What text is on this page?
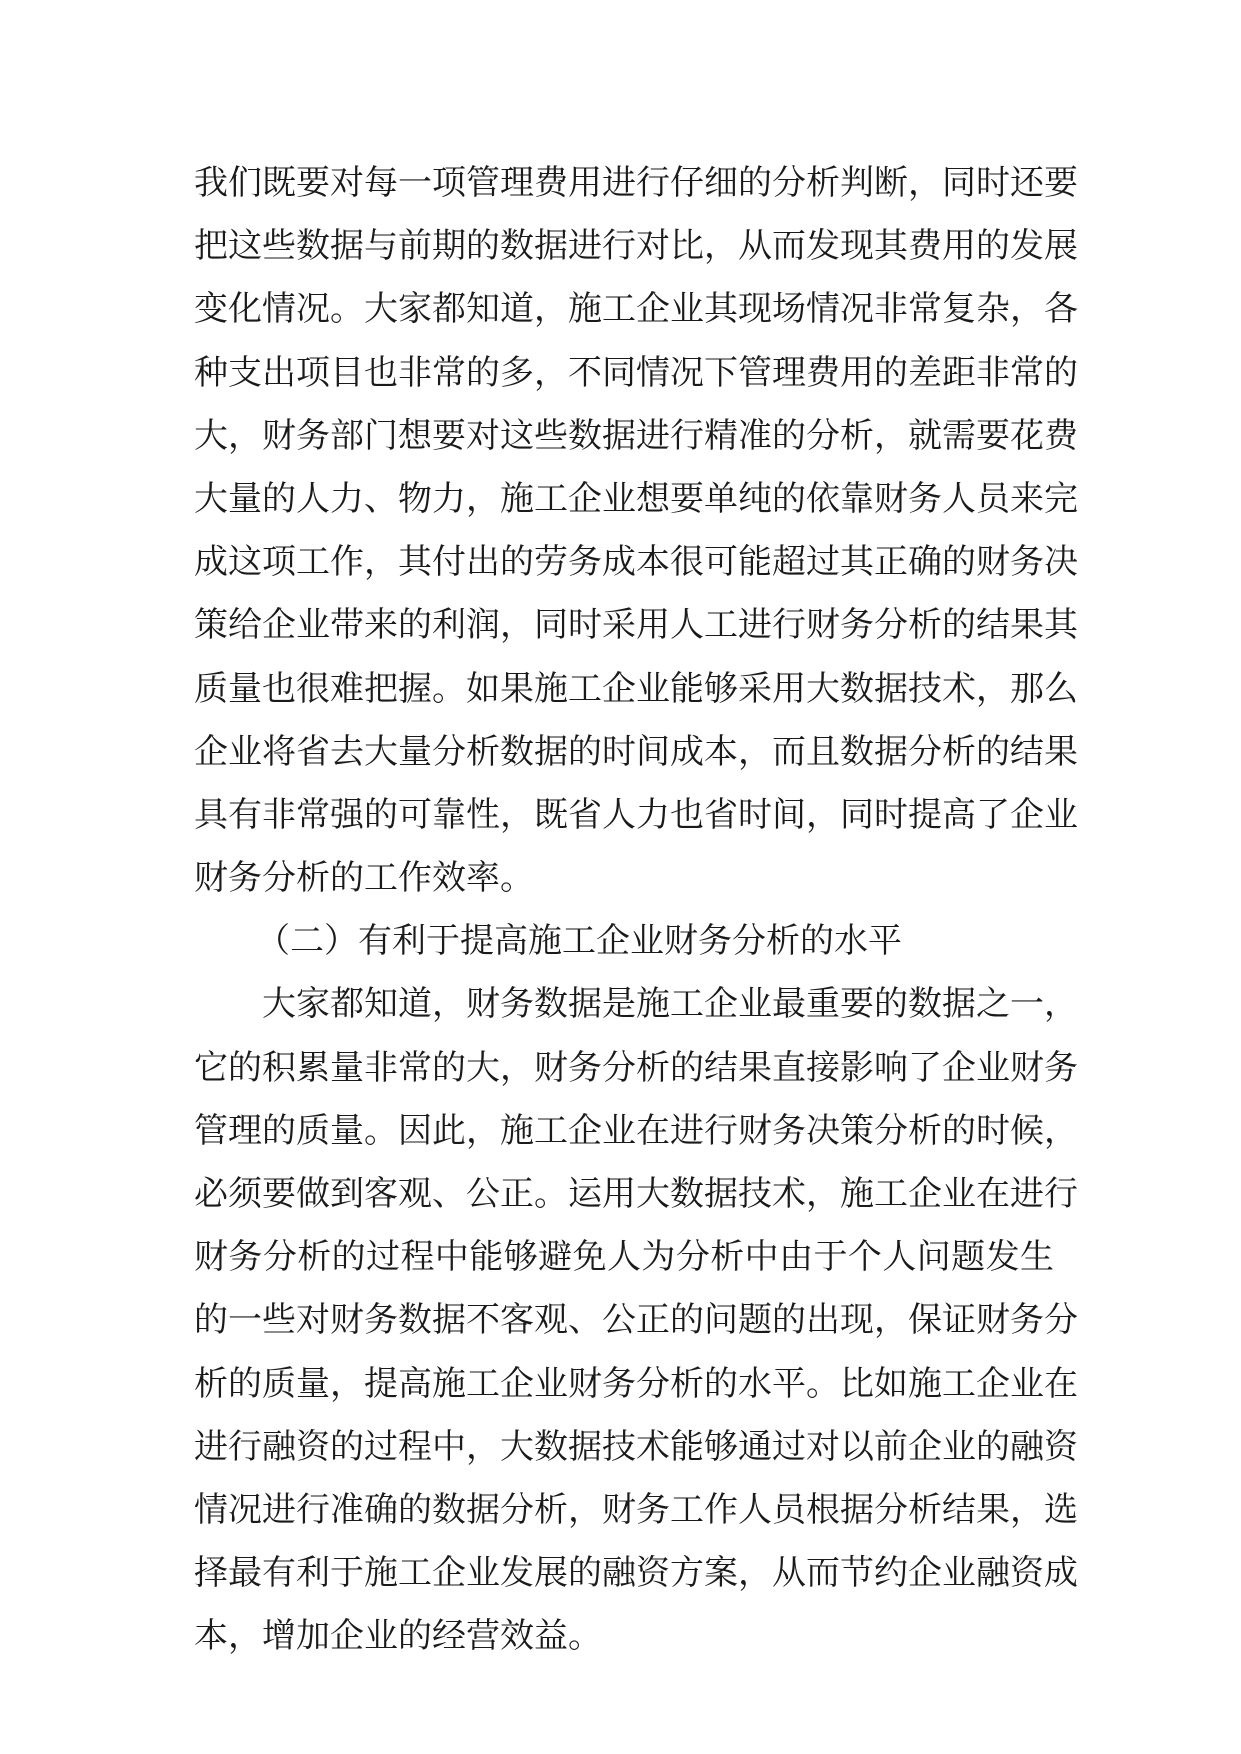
我们既要对每一项管理费用进行仔细的分析判断，同时还要
把这些数据与前期的数据进行对比，从而发现其费用的发展
变化情况。大家都知道，施工企业其现场情况非常复杂，各
种支出项目也非常的多，不同情况下管理费用的差距非常的
大，财务部门想要对这些数据进行精准的分析，就需要花费
大量的人力、物力，施工企业想要单纯的依靠财务人员来完
成这项工作，其付出的劳务成本很可能超过其正确的财务决
策给企业带来的利润，同时采用人工进行财务分析的结果其
质量也很难把握。如果施工企业能够采用大数据技术，那么
企业将省去大量分析数据的时间成本，而且数据分析的结果
具有非常强的可靠性，既省人力也省时间，同时提高了企业
财务分析的工作效率。
（二）有利于提高施工企业财务分析的水平
大家都知道，财务数据是施工企业最重要的数据之一，
它的积累量非常的大，财务分析的结果直接影响了企业财务
管理的质量。因此，施工企业在进行财务决策分析的时候，
必须要做到客观、公正。运用大数据技术，施工企业在进行
财务分析的过程中能够避免人为分析中由于个人问题发生
的一些对财务数据不客观、公正的问题的出现，保证财务分
析的质量，提高施工企业财务分析的水平。比如施工企业在
进行融资的过程中，大数据技术能够通过对以前企业的融资
情况进行准确的数据分析，财务工作人员根据分析结果，选
择最有利于施工企业发展的融资方案，从而节约企业融资成
本，增加企业的经营效益。
